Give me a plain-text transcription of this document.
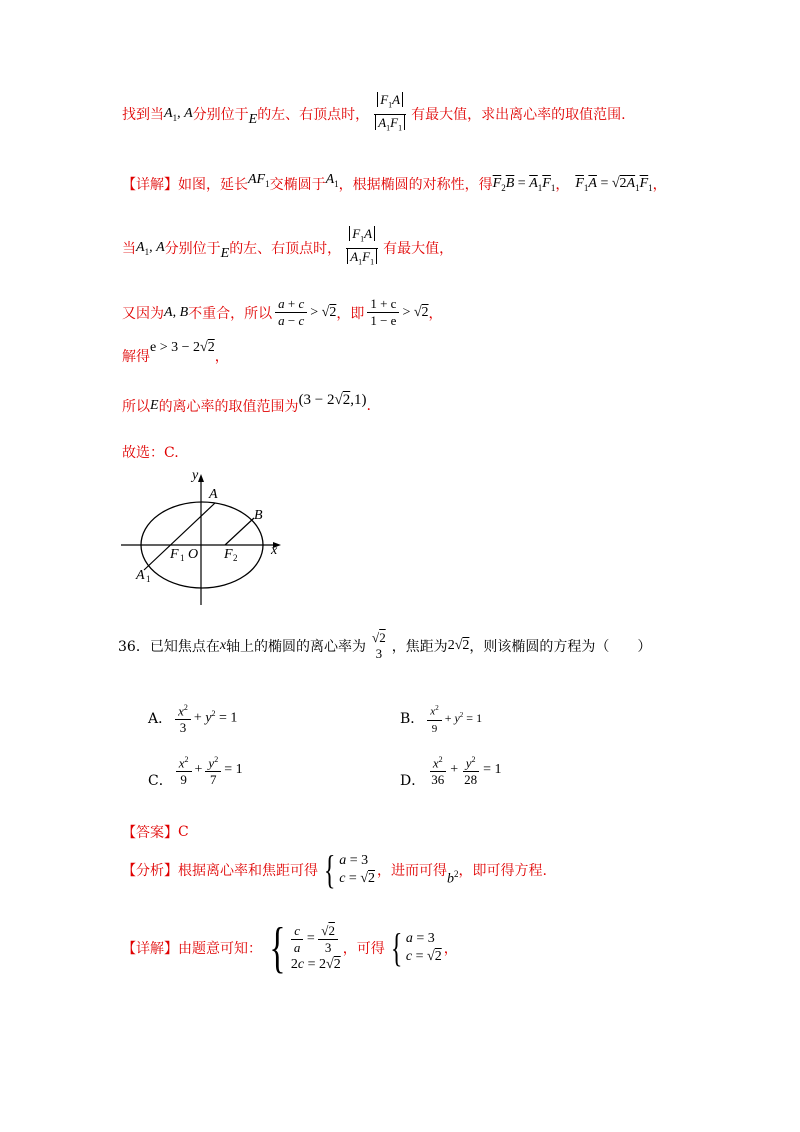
找到当 $A_1$, A 分别位于 E 的左、右顶点时， $\frac{F_1A}{A_1F_1}$ 有最大值，求出离心率的取值范围.
【详解】 如图，延长 $AF_1$ 交椭圆于 $A_1$ ，根据椭圆的对称性，得 $\overline{F}_2\overline{B} = \overline{A}_1\overline{F}_1$ ， $\overline{F}_1\overline{A} = √2\overline{A}_1\overline{F}_1$ ，
当 $A_1$, A 分别位于 E 的左、右顶点时， $\frac{F_1A}{A_1F_1}$ 有最大值，
又因为 A, B 不重合，所以 $\frac{a + c}{a - c} > √2$ ，即 $\frac{1 + c}{1 - e} > √2$ ，
解得
e > 3 − 2√2
，
所以 E 的离心率的取值范围为 (3 − 2√2,1) .
故选：C.
y
A
B
x
F 1 O F 2
A 1
36．已知焦点在 x 轴上的椭圆的离心率为
√2
3 ，焦距为 2√2 ，则该椭圆的方程为（　　）
A． $\frac{x^2}{3} + y^2 = 1$	B． $\frac{x^2}{9} + y^2 = 1$
C． $\frac{x^2}{9} + \frac{y^2}{7} = 1$
D． $\frac{x^2}{36} + \frac{y^2}{28} = 1$
【答案】 C
【分析】 根据离心率和焦距可得 { a = 3
c = √2 ，进而可得 $b^2$ ，即可得方程.
【详解】 由题意可知： { $\frac{c}{a} = \frac{√2}{3}$
2c = 2√2
，可得 { a = 3
c = √2 ，
